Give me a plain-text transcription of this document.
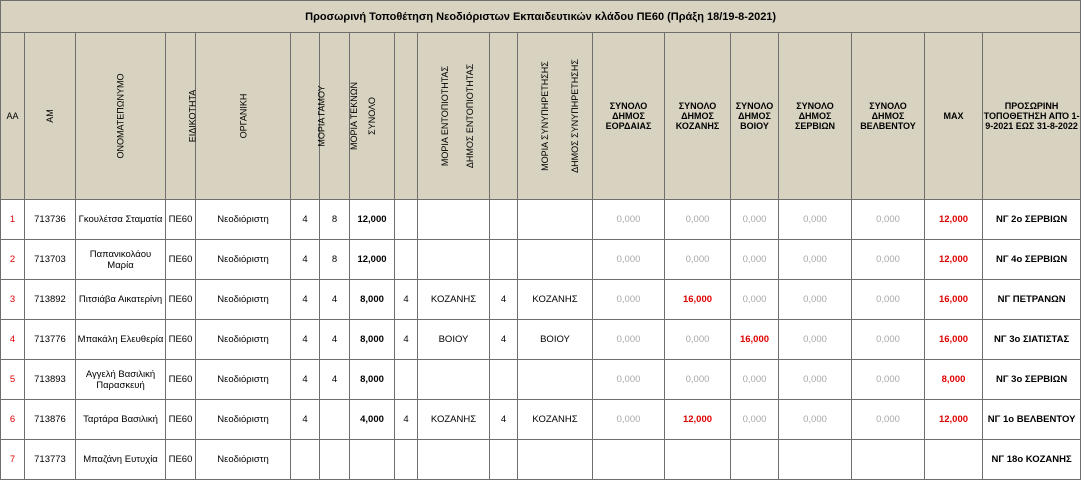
Προσωρινή Τοποθέτηση Νεοδιόριστων Εκπαιδευτικών κλάδου ΠΕ60 (Πράξη 18/19-8-2021)																		
ΑΑ	ΑΜ	ΟΝΟΜΑΤΕΠΩΝΥΜΟ	ΕΙΔΙΚΟΤΗΤΑ	ΟΡΓΑΝΙΚΗ	ΜΟΡΙΑ ΓΑΜΟΥ	ΜΟΡΙΑ ΤΕΚΝΩΝ	ΣΥΝΟΛΟ	ΜΟΡΙΑ ΕΝΤΟΠΙΟΤΗΤΑΣ	ΔΗΜΟΣ ΕΝΤΟΠΙΟΤΗΤΑΣ	ΜΟΡΙΑ ΣΥΝΥΠΗΡΕΤΗΣΗΣ	ΔΗΜΟΣ ΣΥΝΥΠΗΡΕΤΗΣΗΣ	ΣΥΝΟΛΟ ΔΗΜΟΣ ΕΟΡΔΑΙΑΣ	ΣΥΝΟΛΟ ΔΗΜΟΣ ΚΟΖΑΝΗΣ	ΣΥΝΟΛΟ ΔΗΜΟΣ ΒΟΙΟΥ	ΣΥΝΟΛΟ ΔΗΜΟΣ ΣΕΡΒΙΩΝ	ΣΥΝΟΛΟ ΔΗΜΟΣ ΒΕΛΒΕΝΤΟΥ	MAX	ΠΡΟΣΩΡΙΝΗ ΤΟΠΟΘΕΤΗΣΗ ΑΠΌ 1-9-2021 ΕΩΣ 31-8-2022
1	713736	Γκουλέτσα Σταματία	ΠΕ60	Νεοδιόριστη	4	8	12,000					0,000	0,000	0,000	0,000	0,000	12,000	ΝΓ 2ο ΣΕΡΒΙΩΝ
2	713703	Παπανικολάου Μαρία	ΠΕ60	Νεοδιόριστη	4	8	12,000					0,000	0,000	0,000	0,000	0,000	12,000	ΝΓ 4ο ΣΕΡΒΙΩΝ
3	713892	Πιτσιάβα Αικατερίνη	ΠΕ60	Νεοδιόριστη	4	4	8,000	4	ΚΟΖΑΝΗΣ	4	ΚΟΖΑΝΗΣ	0,000	16,000	0,000	0,000	0,000	16,000	ΝΓ ΠΕΤΡΑΝΩΝ
4	713776	Μπακάλη Ελευθερία	ΠΕ60	Νεοδιόριστη	4	4	8,000	4	ΒΟΙΟΥ	4	ΒΟΙΟΥ	0,000	0,000	16,000	0,000	0,000	16,000	ΝΓ 3ο ΣΙΑΤΙΣΤΑΣ
5	713893	Αγγελή Βασιλική Παρασκευή	ΠΕ60	Νεοδιόριστη	4	4	8,000					0,000	0,000	0,000	0,000	0,000	8,000	ΝΓ 3ο ΣΕΡΒΙΩΝ
6	713876	Ταρτάρα Βασιλική	ΠΕ60	Νεοδιόριστη	4		4,000	4	ΚΟΖΑΝΗΣ	4	ΚΟΖΑΝΗΣ	0,000	12,000	0,000	0,000	0,000	12,000	ΝΓ 1ο ΒΕΛΒΕΝΤΟΥ
7	713773	Μπαζάνη Ευτυχία	ΠΕ60	Νεοδιόριστη														ΝΓ 18ο ΚΟΖΑΝΗΣ
